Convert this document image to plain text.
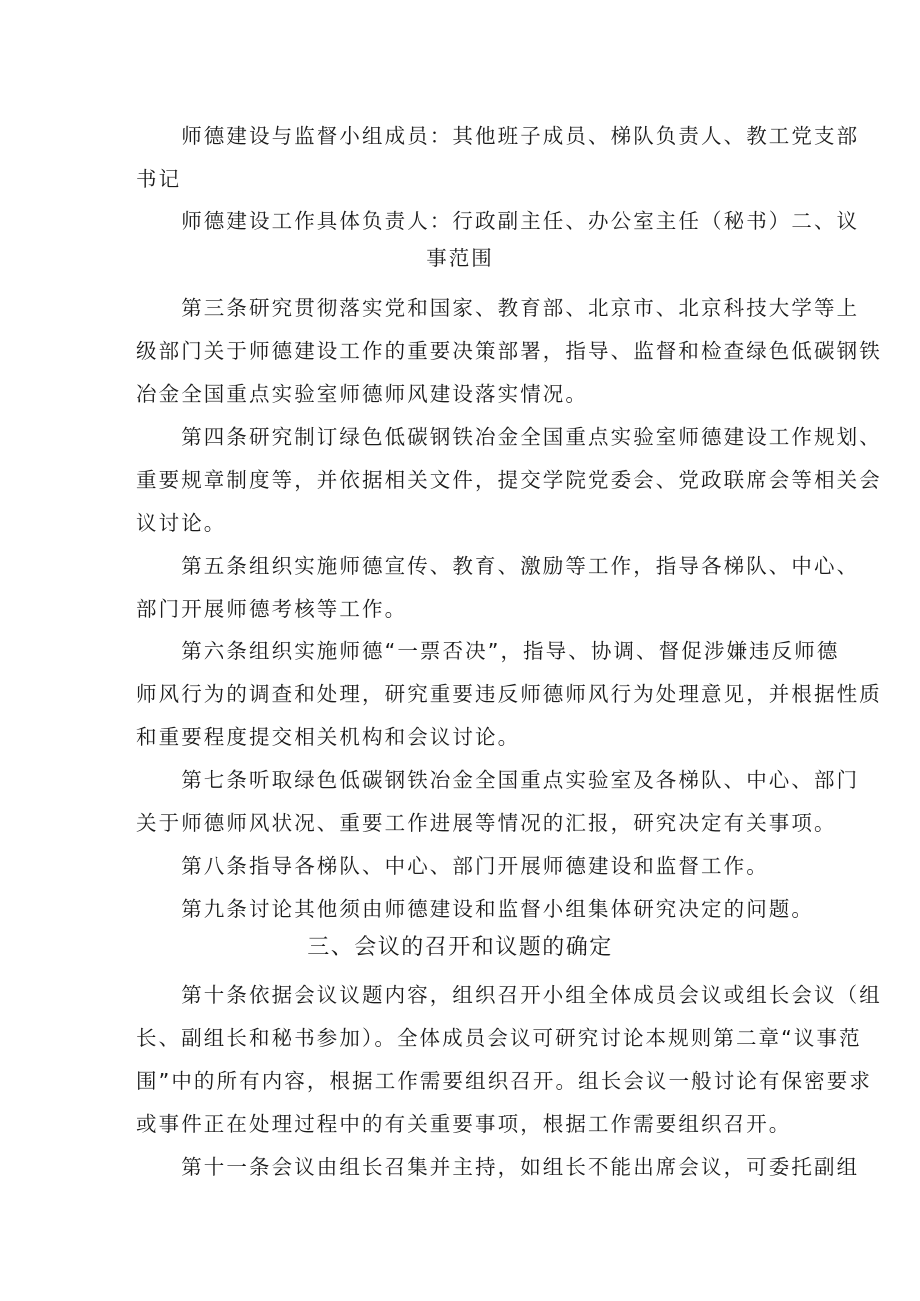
　　师德建设与监督小组成员：其他班子成员、梯队负责人、教工党支部
书记
　　师德建设工作具体负责人：行政副主任、办公室主任（秘书）二、议
事范围
　　第三条研究贯彻落实党和国家、教育部、北京市、北京科技大学等上
级部门关于师德建设工作的重要决策部署，指导、监督和检查绿色低碳钢铁
冶金全国重点实验室师德师风建设落实情况。
　　第四条研究制订绿色低碳钢铁冶金全国重点实验室师德建设工作规划、
重要规章制度等，并依据相关文件，提交学院党委会、党政联席会等相关会
议讨论。
　　第五条组织实施师德宣传、教育、激励等工作，指导各梯队、中心、
部门开展师德考核等工作。
　　第六条组织实施师德“一票否决”，指导、协调、督促涉嫌违反师德
师风行为的调查和处理，研究重要违反师德师风行为处理意见，并根据性质
和重要程度提交相关机构和会议讨论。
　　第七条听取绿色低碳钢铁冶金全国重点实验室及各梯队、中心、部门
关于师德师风状况、重要工作进展等情况的汇报，研究决定有关事项。
　　第八条指导各梯队、中心、部门开展师德建设和监督工作。
　　第九条讨论其他须由师德建设和监督小组集体研究决定的问题。
三、会议的召开和议题的确定
　　第十条依据会议议题内容，组织召开小组全体成员会议或组长会议（组
长、副组长和秘书参加）。全体成员会议可研究讨论本规则第二章“议事范
围”中的所有内容，根据工作需要组织召开。组长会议一般讨论有保密要求
或事件正在处理过程中的有关重要事项，根据工作需要组织召开。
　　第十一条会议由组长召集并主持，如组长不能出席会议，可委托副组
